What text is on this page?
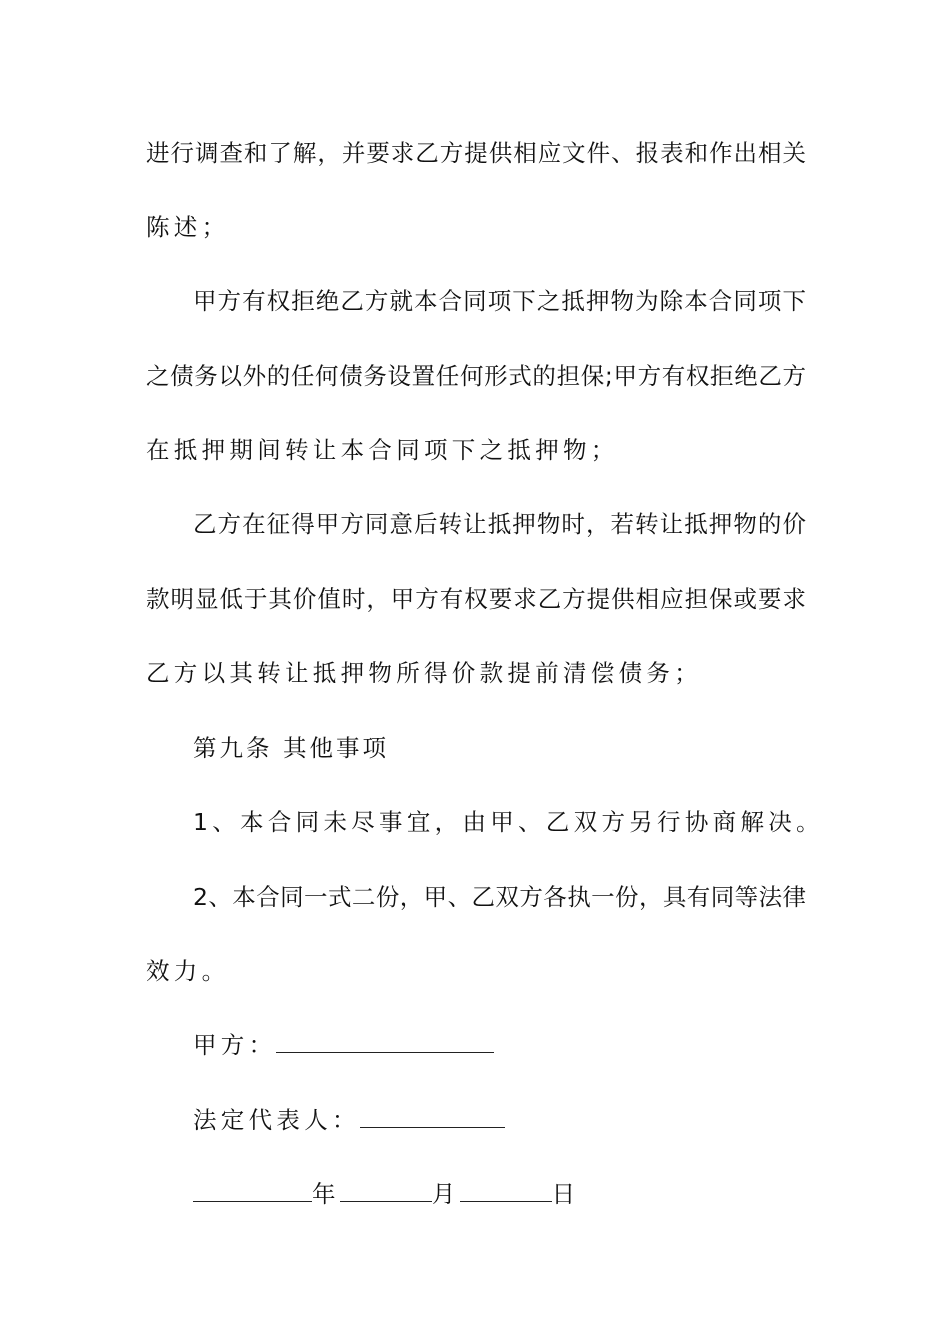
进行调查和了解，并要求乙方提供相应文件、报表和作出相关
陈述；
甲方有权拒绝乙方就本合同项下之抵押物为除本合同项下
之债务以外的任何债务设置任何形式的担保;甲方有权拒绝乙方
在抵押期间转让本合同项下之抵押物；
乙方在征得甲方同意后转让抵押物时，若转让抵押物的价
款明显低于其价值时，甲方有权要求乙方提供相应担保或要求
乙方以其转让抵押物所得价款提前清偿债务；
第九条 其他事项
1、本合同未尽事宜，由甲、乙双方另行协商解决。
2、本合同一式二份，甲、乙双方各执一份，具有同等法律
效力。
甲方：
法定代表人：
年	月	日
